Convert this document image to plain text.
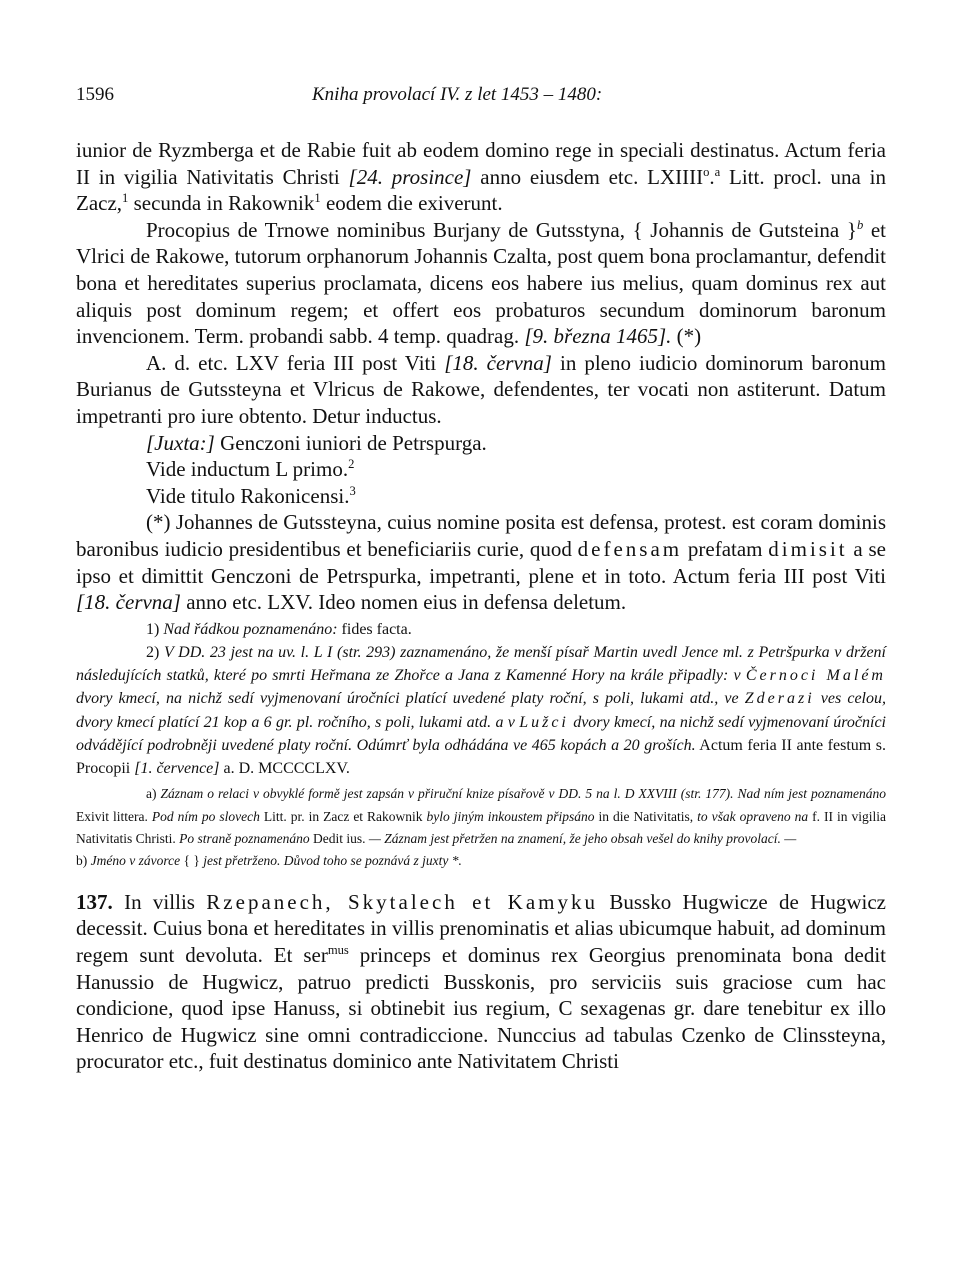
1596	Kniha provolací IV. z let 1453 – 1480:

iunior de Ryzmberga et de Rabie fuit ab eodem domino rege in speciali destinatus. Actum feria II in vigilia Nativitatis Christi [24. prosince] anno eiusdem etc. LXIIII$^o$.$^a$ Litt. procl. una in Zacz,$^1$ secunda in Rakownik$^1$ eodem die exiverunt.

Procopius de Trnowe nominibus Burjany de Gutsstyna, { Johannis de Gutsteina }$^b$ et Vlrici de Rakowe, tutorum orphanorum Johannis Czalta, post quem bona proclamantur, defendit bona et hereditates superius proclamata, dicens eos habere ius melius, quam dominus rex aut aliquis post dominum regem; et offert eos probaturos secundum dominorum baronum invencionem. Term. probandi sabb. 4 temp. quadrag. [9. března 1465]. (*)

A. d. etc. LXV feria III post Viti [18. června] in pleno iudicio dominorum baronum Burianus de Gutssteyna et Vlricus de Rakowe, defendentes, ter vocati non astiterunt. Datum impetranti pro iure obtento. Detur inductus.

[Juxta:] Genczoni iuniori de Petrspurga.

Vide inductum L primo.$^2$

Vide titulo Rakonicensi.$^3$

(*) Johannes de Gutssteyna, cuius nomine posita est defensa, protest. est coram dominis baronibus iudicio presidentibus et beneficiariis curie, quod defensam prefatam dimisit a se ipso et dimittit Genczoni de Petrspurka, impetranti, plene et in toto. Actum feria III post Viti [18. června] anno etc. LXV. Ideo nomen eius in defensa deletum.

1) Nad řádkou poznamenáno: fides facta.

2) V DD. 23 jest na uv. l. L I (str. 293) zaznamenáno, že menší písař Martin uvedl Jence ml. z Petršpurka v držení následujících statků, které po smrti Heřmana ze Zhořce a Jana z Kamenné Hory na krále připadly: v Černoci Malém dvory kmecí, na nichž sedí vyjmenovaní úročníci platící uvedené platy roční, s poli, lukami atd., ve Zderazi ves celou, dvory kmecí platící 21 kop a 6 gr. pl. ročního, s poli, lukami atd. a v Lužci dvory kmecí, na nichž sedí vyjmenovaní úročníci odvádějící podrobněji uvedené platy roční. Odúmrť byla odhádána ve 465 kopách a 20 groších. Actum feria II ante festum s. Procopii [1. července] a. D. MCCCCLXV.

a) Záznam o relaci v obvyklé formě jest zapsán v přiruční knize písařově v DD. 5 na l. D XXVIII (str. 177). Nad ním jest poznamenáno Exivit littera. Pod ním po slovech Litt. pr. in Zacz et Rakownik bylo jiným inkoustem připsáno in die Nativitatis, to však opraveno na f. II in vigilia Nativitatis Christi. Po straně poznamenáno Dedit ius. — Záznam jest přetržen na znamení, že jeho obsah vešel do knihy provolací. —

b) Jméno v závorce { } jest přetrženo. Důvod toho se poznává z juxty *.

137. In villis Rzepanech, Skytalech et Kamyku Bussko Hugwicze de Hugwicz decessit. Cuius bona et hereditates in villis prenominatis et alias ubicumque habuit, ad dominum regem sunt devoluta. Et ser$^{mus}$ princeps et dominus rex Georgius prenominata bona dedit Hanussio de Hugwicz, patruo predicti Busskonis, pro serviciis suis graciose cum hac condicione, quod ipse Hanuss, si obtinebit ius regium, C sexagenas gr. dare tenebitur ex illo Henrico de Hugwicz sine omni contradiccione. Nunccius ad tabulas Czenko de Clinssteyna, procurator etc., fuit destinatus dominico ante Nativitatem Christi
